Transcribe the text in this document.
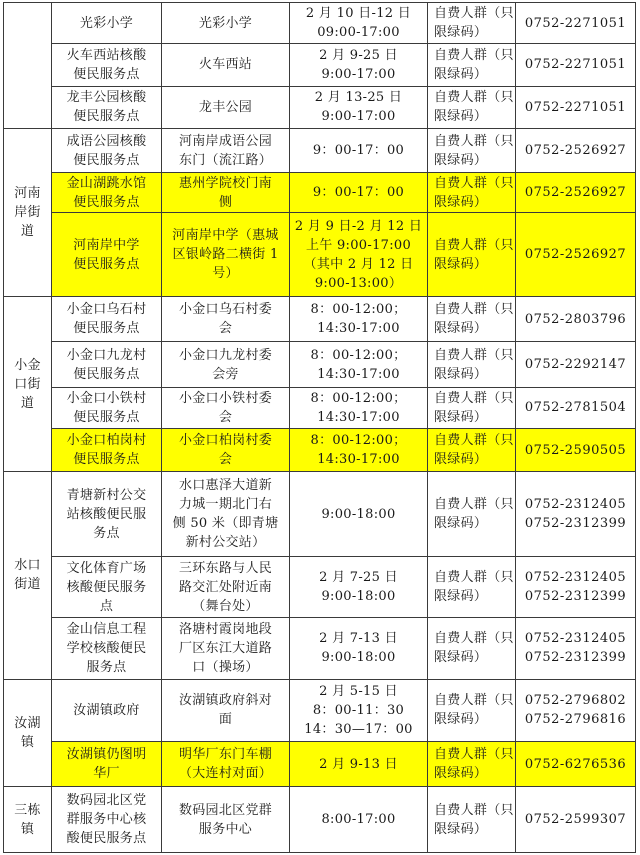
	光彩小学	光彩小学	2 月 10 日-12 日
09:00-17:00	自费人群（只
限绿码）	0752-2271051

	火车西站核酸
便民服务点	火车西站	2 月 9-25 日
9:00-17:00	自费人群（只
限绿码）	0752-2271051

	龙丰公园核酸
便民服务点	龙丰公园	2 月 13-25 日
9:00-17:00	自费人群（只
限绿码）	0752-2271051

河南
岸街
道	成语公园核酸
便民服务点	河南岸成语公园
东门（流江路）	9：00-17：00	自费人群（只
限绿码）	0752-2526927

	金山湖跳水馆
便民服务点	惠州学院校门南
侧	9：00-17：00	自费人群（只
限绿码）	0752-2526927

	河南岸中学
便民服务点	河南岸中学（惠城
区银岭路二横街 1
号）	2 月 9 日-2 月 12 日
上午 9:00-17:00
（其中 2 月 12 日
9:00-13:00）	自费人群（只
限绿码）	0752-2526927

小金
口街
道	小金口乌石村
便民服务点	小金口乌石村委
会	8：00-12:00；
14:30-17:00	自费人群（只
限绿码）	0752-2803796

	小金口九龙村
便民服务点	小金口九龙村委
会旁	8：00-12:00；
14:30-17:00	自费人群（只
限绿码）	0752-2292147

	小金口小铁村
便民服务点	小金口小铁村委
会	8：00-12:00；
14:30-17:00	自费人群（只
限绿码）	0752-2781504

	小金口柏岗村
便民服务点	小金口柏岗村委
会	8：00-12:00；
14:30-17:00	自费人群（只
限绿码）	0752-2590505

水口
街道	青塘新村公交
站核酸便民服
务点	水口惠泽大道新
力城一期北门右
侧 50 米（即青塘
新村公交站）	9:00-18:00	自费人群（只
限绿码）	0752-2312405
0752-2312399

	文化体育广场
核酸便民服务
点	三环东路与人民
路交汇处附近南
（舞台处）	2 月 7-25 日
9:00-18:00	自费人群（只
限绿码）	0752-2312405
0752-2312399

	金山信息工程
学校核酸便民
服务点	洛塘村霞岗地段
厂区东江大道路
口（操场）	2 月 7-13 日
9:00-18:00	自费人群（只
限绿码）	0752-2312405
0752-2312399

汝湖
镇	汝湖镇政府	汝湖镇政府斜对
面	2 月 5-15 日
8：00-11：30
14：30—17：00	自费人群（只
限绿码）	0752-2796802
0752-2796816

	汝湖镇仍图明
华厂	明华厂东门车棚
（大连村对面）	2 月 9-13 日	自费人群（只
限绿码）	0752-6276536

三栋
镇	数码园北区党
群服务中心核
酸便民服务点	数码园北区党群
服务中心	8:00-17:00	自费人群（只
限绿码）	0752-2599307
